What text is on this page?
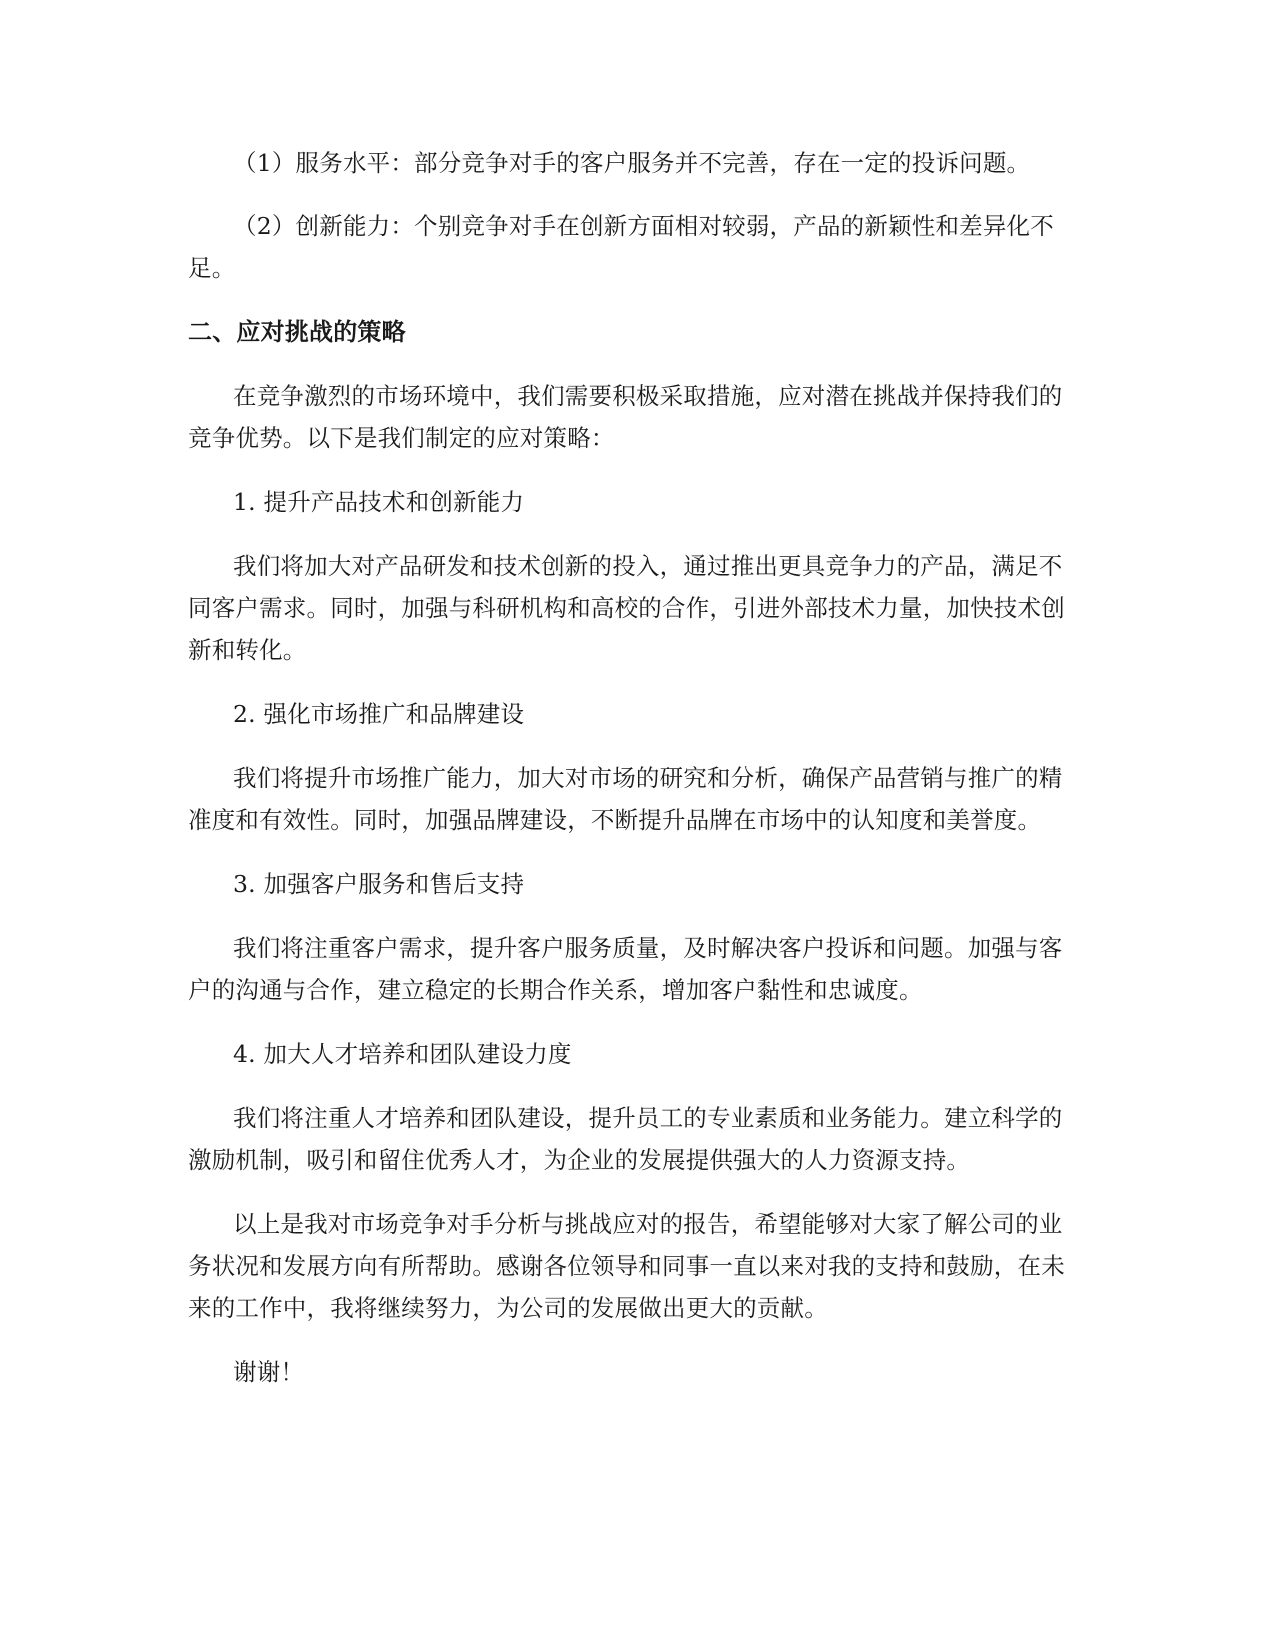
（1）服务水平：部分竞争对手的客户服务并不完善，存在一定的投诉问题。

（2）创新能力：个别竞争对手在创新方面相对较弱，产品的新颖性和差异化不足。

二、应对挑战的策略

在竞争激烈的市场环境中，我们需要积极采取措施，应对潜在挑战并保持我们的竞争优势。以下是我们制定的应对策略：

1. 提升产品技术和创新能力

我们将加大对产品研发和技术创新的投入，通过推出更具竞争力的产品，满足不同客户需求。同时，加强与科研机构和高校的合作，引进外部技术力量，加快技术创新和转化。

2. 强化市场推广和品牌建设

我们将提升市场推广能力，加大对市场的研究和分析，确保产品营销与推广的精准度和有效性。同时，加强品牌建设，不断提升品牌在市场中的认知度和美誉度。

3. 加强客户服务和售后支持

我们将注重客户需求，提升客户服务质量，及时解决客户投诉和问题。加强与客户的沟通与合作，建立稳定的长期合作关系，增加客户黏性和忠诚度。

4. 加大人才培养和团队建设力度

我们将注重人才培养和团队建设，提升员工的专业素质和业务能力。建立科学的激励机制，吸引和留住优秀人才，为企业的发展提供强大的人力资源支持。

以上是我对市场竞争对手分析与挑战应对的报告，希望能够对大家了解公司的业务状况和发展方向有所帮助。感谢各位领导和同事一直以来对我的支持和鼓励，在未来的工作中，我将继续努力，为公司的发展做出更大的贡献。

谢谢！
